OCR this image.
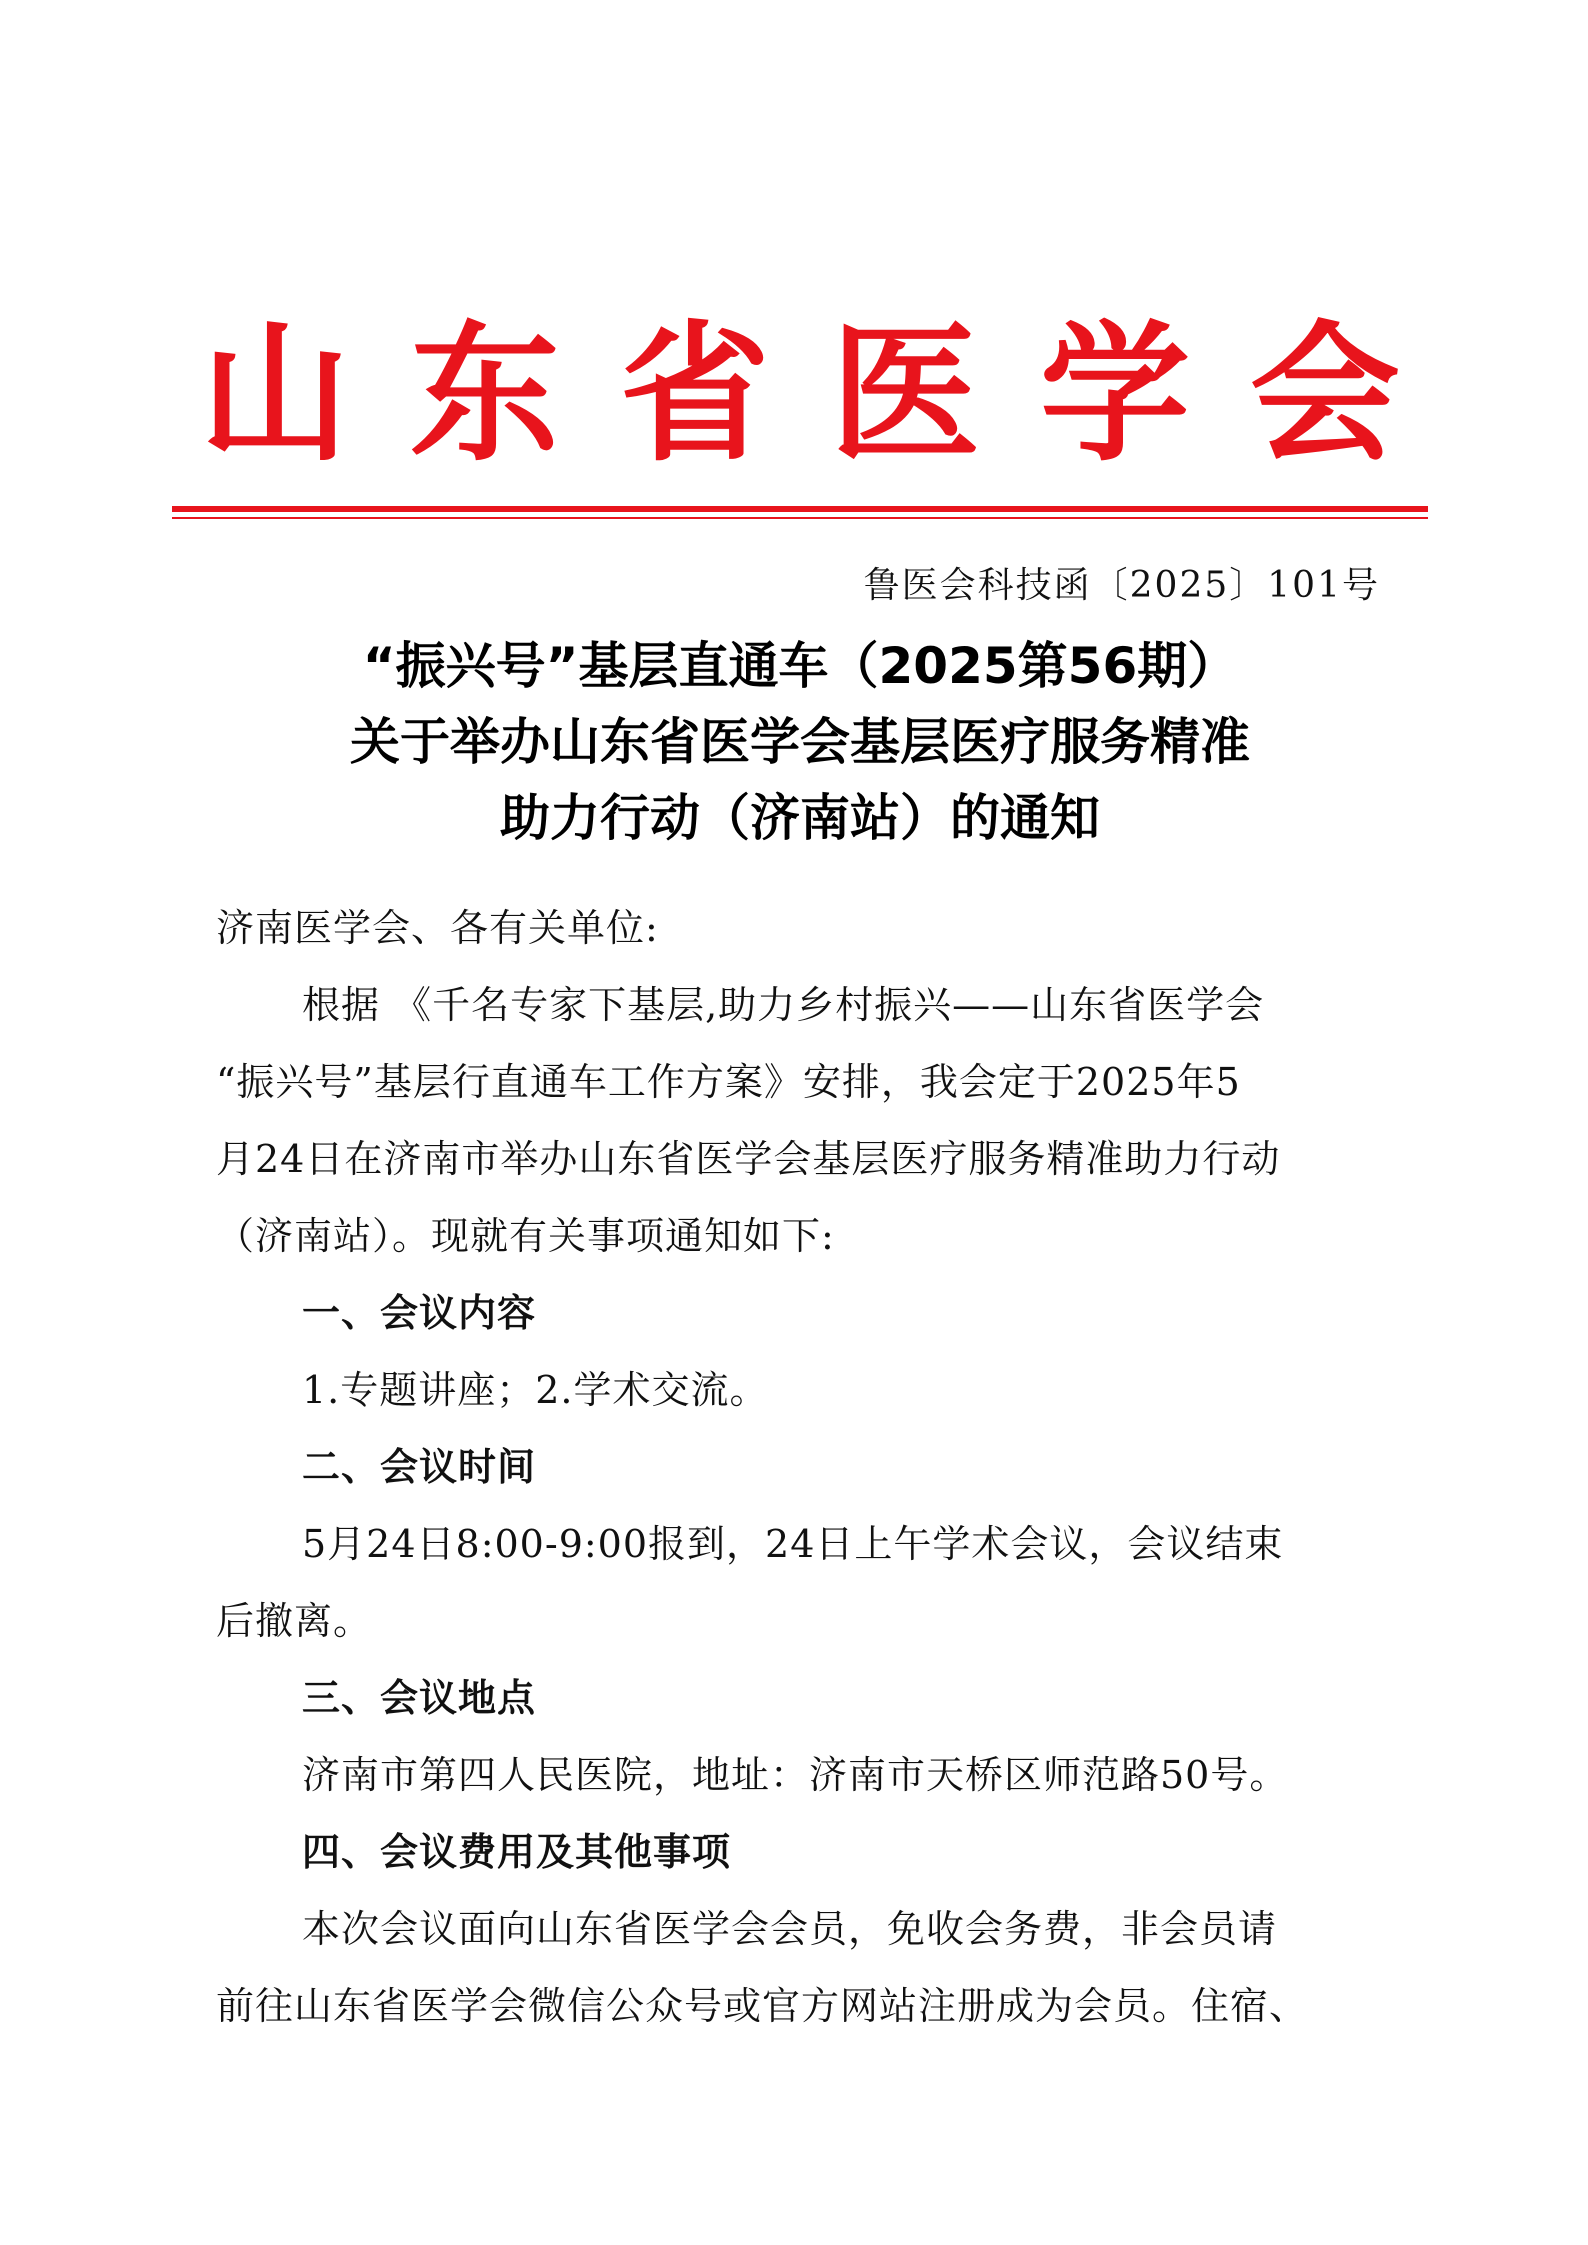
山 东 省 医 学 会
鲁医会科技函〔2025〕101号
“振兴号”基层直通车（2025第56期）
关于举办山东省医学会基层医疗服务精准
助力行动（济南站）的通知

济南医学会、各有关单位:

根据 《千名专家下基层,助力乡村振兴——山东省医学会

“振兴号”基层行直通车工作方案》安排，我会定于2025年5

月24日在济南市举办山东省医学会基层医疗服务精准助力行动

（济南站）。现就有关事项通知如下:

一、会议内容

1.专题讲座；2.学术交流。

二、会议时间

5月24日8:00-9:00报到，24日上午学术会议，会议结束

后撤离。

三、会议地点

济南市第四人民医院，地址：济南市天桥区师范路50号。

四、会议费用及其他事项

本次会议面向山东省医学会会员，免收会务费，非会员请

前往山东省医学会微信公众号或官方网站注册成为会员。住宿、
